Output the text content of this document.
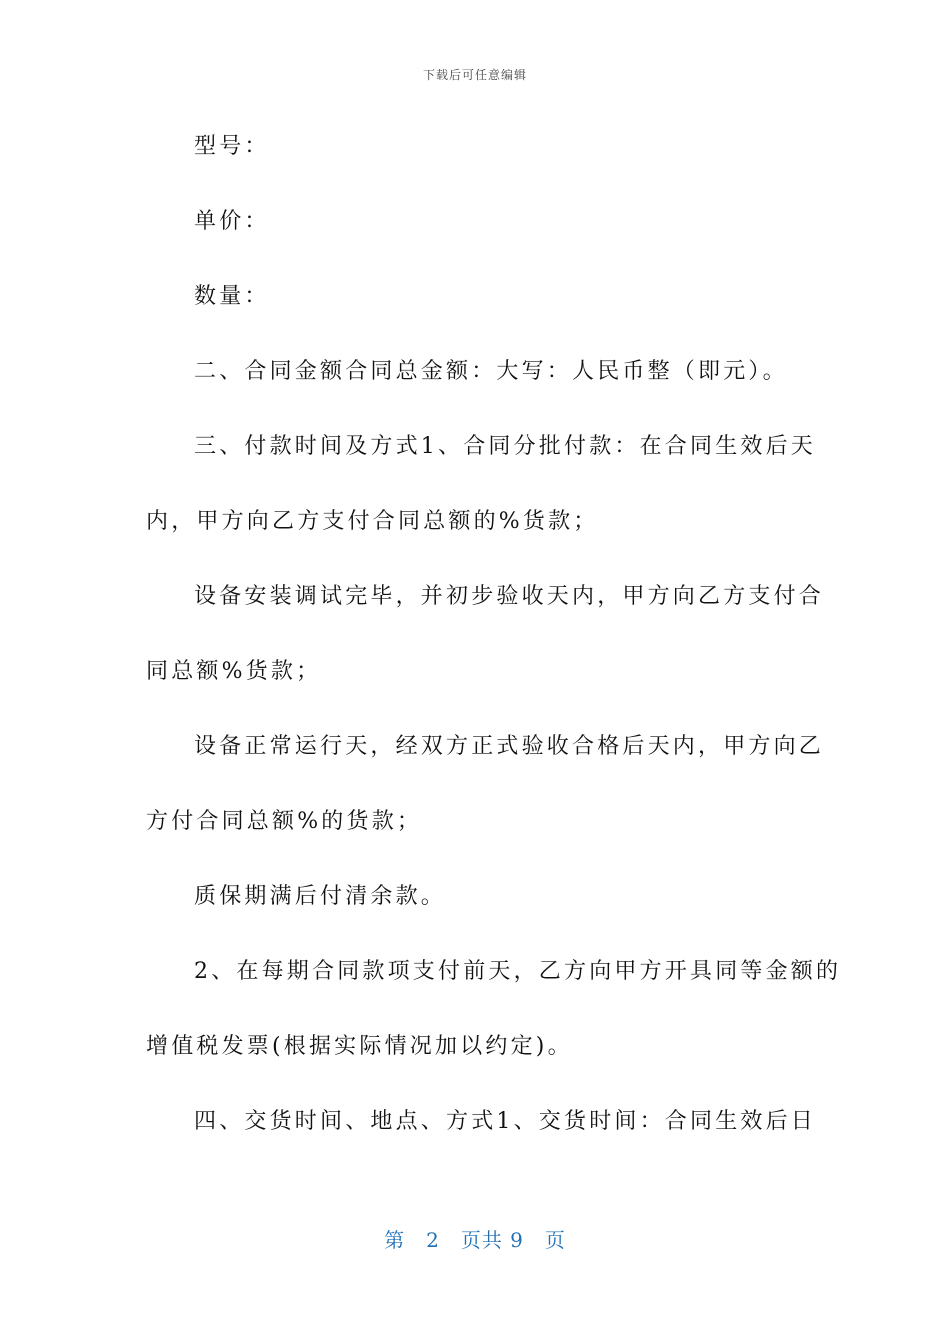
下载后可任意编辑
型号：
单价：
数量：
二、合同金额合同总金额：大写：人民币整（即元）。
三、付款时间及方式1、合同分批付款：在合同生效后天
内，甲方向乙方支付合同总额的%货款；
设备安装调试完毕，并初步验收天内，甲方向乙方支付合
同总额%货款；
设备正常运行天，经双方正式验收合格后天内，甲方向乙
方付合同总额%的货款；
质保期满后付清余款。
2、在每期合同款项支付前天，乙方向甲方开具同等金额的
增值税发票(根据实际情况加以约定)。
四、交货时间、地点、方式1、交货时间：合同生效后日
第　2　页共 9　页
